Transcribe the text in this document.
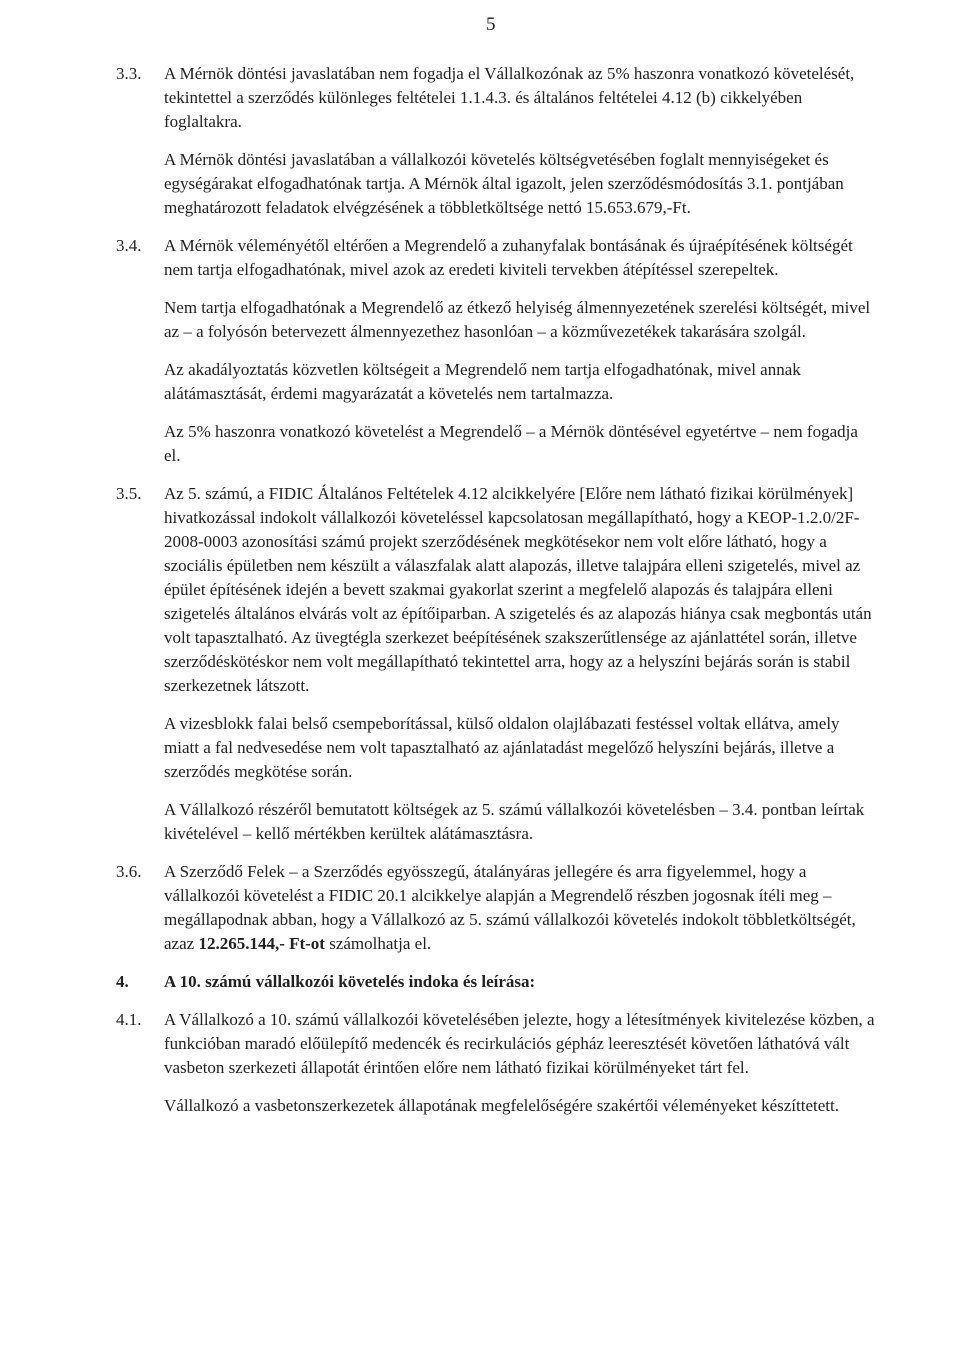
5
3.3.	A Mérnök döntési javaslatában nem fogadja el Vállalkozónak az 5% haszonra vonatkozó követelését, tekintettel a szerződés különleges feltételei 1.1.4.3. és általános feltételei 4.12 (b) cikkelyében foglaltakra.

A Mérnök döntési javaslatában a vállalkozói követelés költségvetésében foglalt mennyiségeket és egységárakat elfogadhatónak tartja. A Mérnök által igazolt, jelen szerződésmódosítás 3.1. pontjában meghatározott feladatok elvégzésének a többletköltsége nettó 15.653.679,-Ft.

3.4.	A Mérnök véleményétől eltérően a Megrendelő a zuhanyfalak bontásának és újraépítésének költségét nem tartja elfogadhatónak, mivel azok az eredeti kiviteli tervekben átépítéssel szerepeltek.

Nem tartja elfogadhatónak a Megrendelő az étkező helyiség álmennyezetének szerelési költségét, mivel az – a folyósón betervezett álmennyezethez hasonlóan – a közművezetékek takarására szolgál.

Az akadályoztatás közvetlen költségeit a Megrendelő nem tartja elfogadhatónak, mivel annak alátámasztását, érdemi magyarázatát a követelés nem tartalmazza.

Az 5% haszonra vonatkozó követelést a Megrendelő – a Mérnök döntésével egyetértve – nem fogadja el.

3.5.	Az 5. számú, a FIDIC Általános Feltételek 4.12 alcikkelyére [Előre nem látható fizikai körülmények] hivatkozással indokolt vállalkozói követeléssel kapcsolatosan megállapítható, hogy a KEOP-1.2.0/2F-2008-0003 azonosítási számú projekt szerződésének megkötésekor nem volt előre látható, hogy a szociális épületben nem készült a válaszfalak alatt alapozás, illetve talajpára elleni szigetelés, mivel az épület építésének idején a bevett szakmai gyakorlat szerint a megfelelő alapozás és talajpára elleni szigetelés általános elvárás volt az építőiparban. A szigetelés és az alapozás hiánya csak megbontás után volt tapasztalható. Az üvegtégla szerkezet beépítésének szakszerűtlensége az ajánlattétel során, illetve szerződéskötéskor nem volt megállapítható tekintettel arra, hogy az a helyszíni bejárás során is stabil szerkezetnek látszott.

A vizesblokk falai belső csempeborítással, külső oldalon olajlábazati festéssel voltak ellátva, amely miatt a fal nedvesedése nem volt tapasztalható az ajánlatadást megelőző helyszíni bejárás, illetve a szerződés megkötése során.

A Vállalkozó részéről bemutatott költségek az 5. számú vállalkozói követelésben – 3.4. pontban leírtak kivételével – kellő mértékben kerültek alátámasztásra.

3.6.	A Szerződő Felek – a Szerződés egyösszegű, átalányáras jellegére és arra figyelemmel, hogy a vállalkozói követelést a FIDIC 20.1 alcikkelye alapján a Megrendelő részben jogosnak ítéli meg – megállapodnak abban, hogy a Vállalkozó az 5. számú vállalkozói követelés indokolt többletköltségét, azaz 12.265.144,- Ft-ot számolhatja el.

4.	A 10. számú vállalkozói követelés indoka és leírása:
4.1.	A Vállalkozó a 10. számú vállalkozói követelésében jelezte, hogy a létesítmények kivitelezése közben, a funkcióban maradó előülepítő medencék és recirkulációs gépház leeresztését követően láthatóvá vált vasbeton szerkezeti állapotát érintően előre nem látható fizikai körülményeket tárt fel.

Vállalkozó a vasbetonszerkezetek állapotának megfelelőségére szakértői véleményeket készíttetett.
